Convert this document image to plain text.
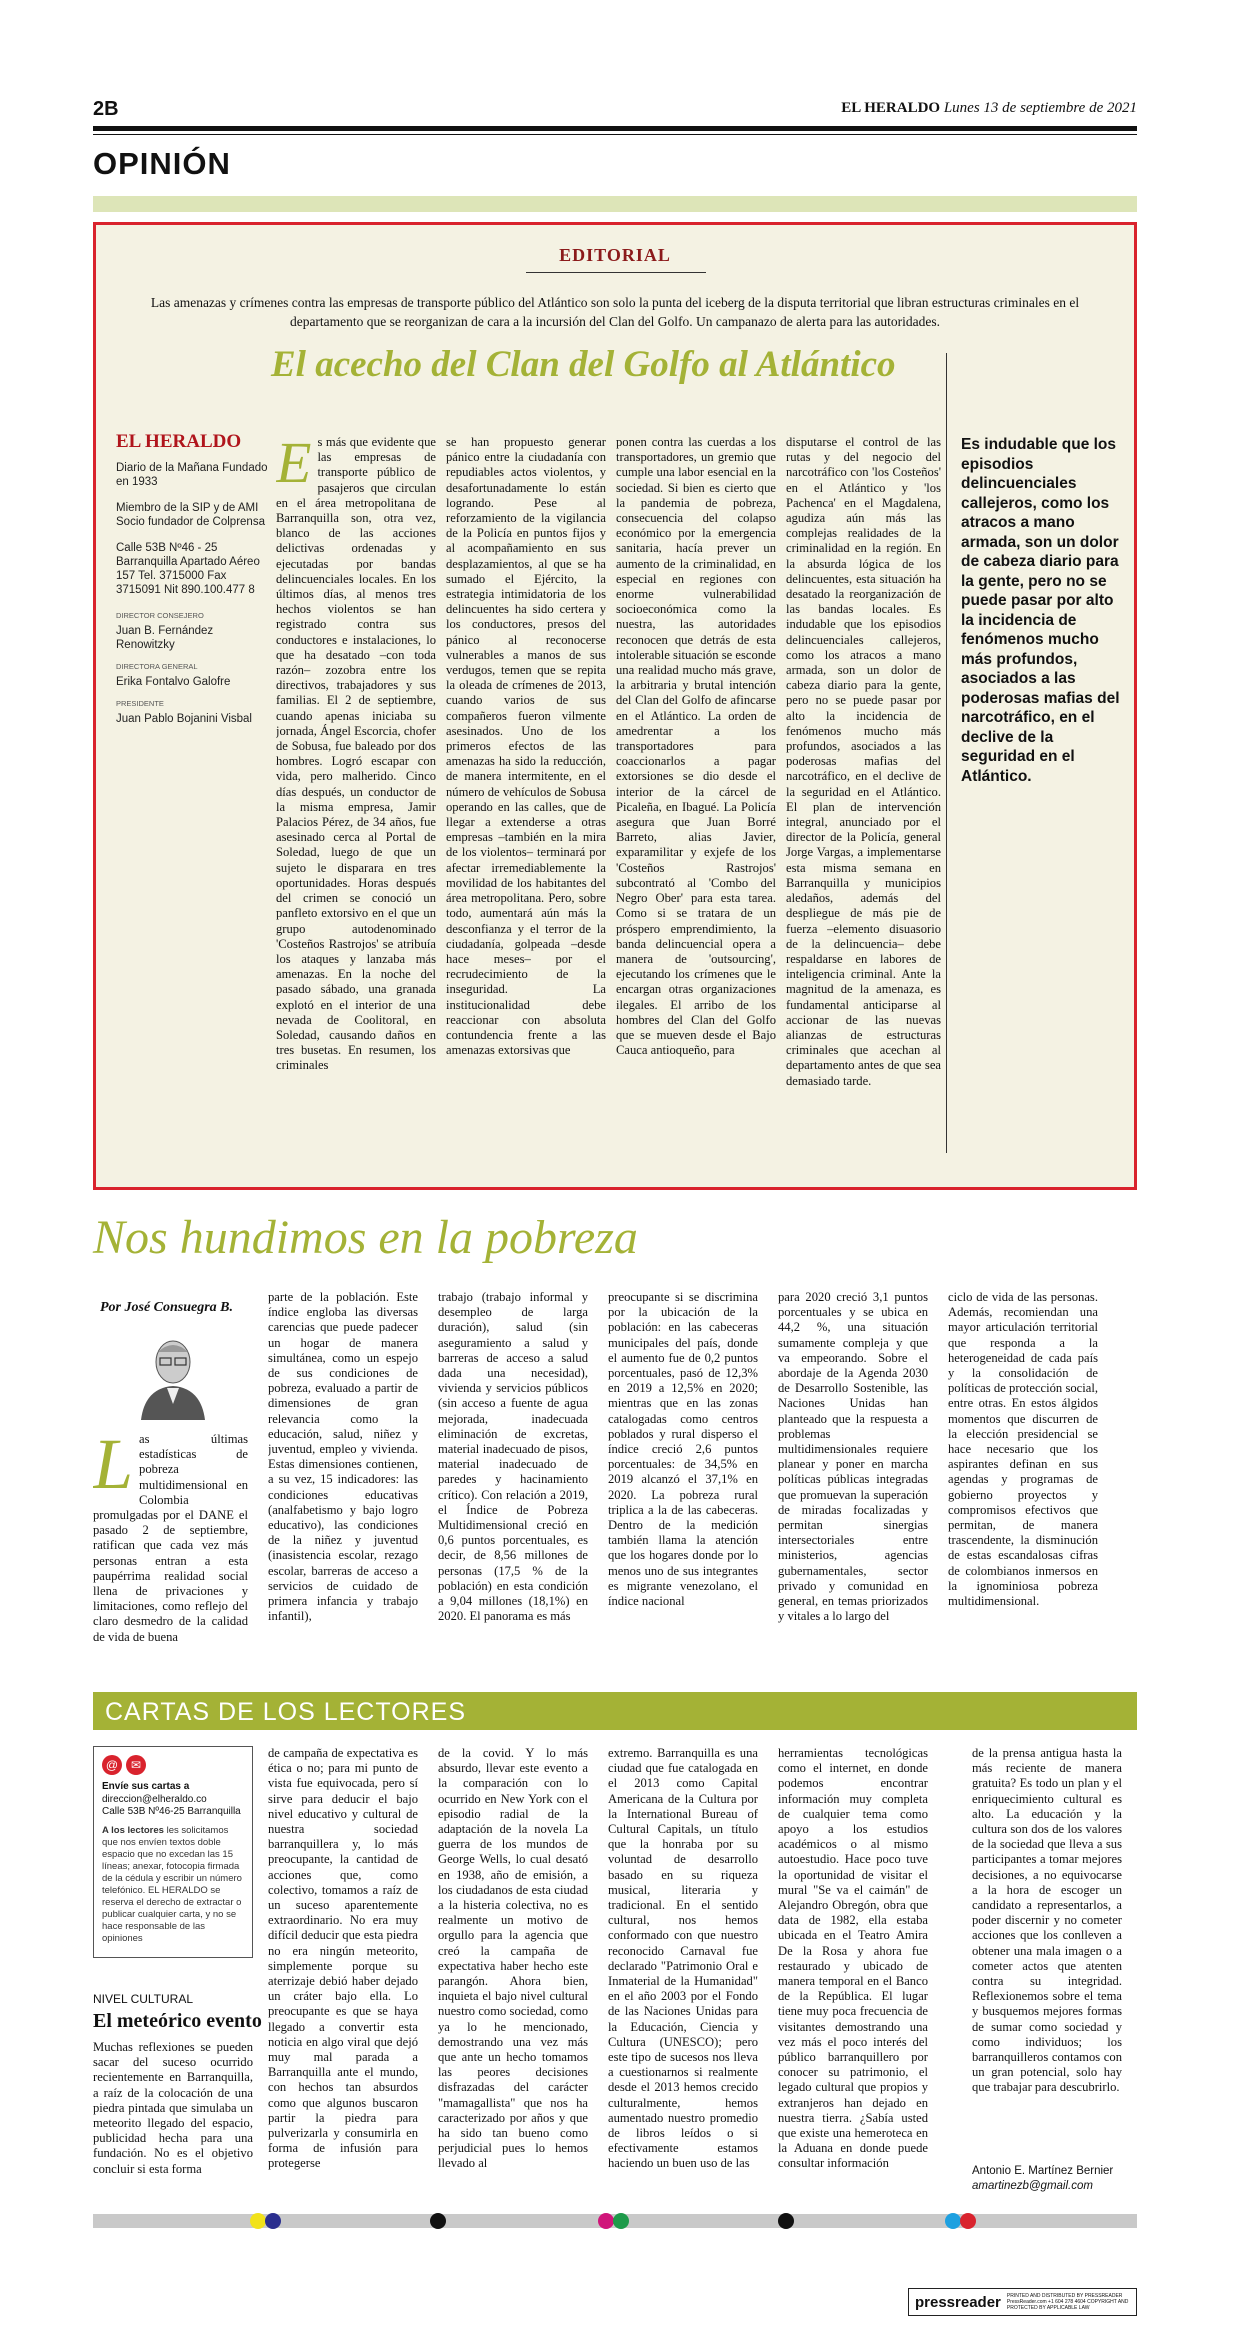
2B	EL HERALDO Lunes 13 de septiembre de 2021
OPINIÓN
EDITORIAL
Las amenazas y crímenes contra las empresas de transporte público del Atlántico son solo la punta del iceberg de la disputa territorial que libran estructuras criminales en el departamento que se reorganizan de cara a la incursión del Clan del Golfo. Un campanazo de alerta para las autoridades.
El acecho del Clan del Golfo al Atlántico
EL HERALDO

Diario de la Mañana Fundado en 1933

Miembro de la SIP y de AMI Socio fundador de Colprensa

Calle 53B Nº46 - 25 Barranquilla Apartado Aéreo 157 Tel. 3715000 Fax 3715091 Nit 890.100.477 8

DIRECTOR CONSEJERO
Juan B. Fernández Renowitzky
DIRECTORA GENERAL
Erika Fontalvo Galofre
PRESIDENTE
Juan Pablo Bojanini Visbal
Es más que evidente que las empresas de transporte público de pasajeros que circulan en el área metropolitana de Barranquilla son, otra vez, blanco de las acciones delictivas ordenadas y ejecutadas por bandas delincuenciales locales. En los últimos días, al menos tres hechos violentos se han registrado contra sus conductores e instalaciones, lo que ha desatado –con toda razón– zozobra entre los directivos, trabajadores y sus familias. El 2 de septiembre, cuando apenas iniciaba su jornada, Ángel Escorcia, chofer de Sobusa, fue baleado por dos hombres. Logró escapar con vida, pero malherido. Cinco días después, un conductor de la misma empresa, Jamir Palacios Pérez, de 34 años, fue asesinado cerca al Portal de Soledad, luego de que un sujeto le disparara en tres oportunidades. Horas después del crimen se conoció un panfleto extorsivo en el que un grupo autodenominado 'Costeños Rastrojos' se atribuía los ataques y lanzaba más amenazas. En la noche del pasado sábado, una granada explotó en el interior de una nevada de Coolitoral, en Soledad, causando daños en tres busetas. En resumen, los criminales
se han propuesto generar pánico entre la ciudadanía con repudiables actos violentos, y desafortunadamente lo están logrando. Pese al reforzamiento de la vigilancia de la Policía en puntos fijos y al acompañamiento en sus desplazamientos, al que se ha sumado el Ejército, la estrategia intimidatoria de los delincuentes ha sido certera y los conductores, presos del pánico al reconocerse vulnerables a manos de sus verdugos, temen que se repita la oleada de crímenes de 2013, cuando varios de sus compañeros fueron vilmente asesinados. Uno de los primeros efectos de las amenazas ha sido la reducción, de manera intermitente, en el número de vehículos de Sobusa operando en las calles, que de llegar a extenderse a otras empresas –también en la mira de los violentos– terminará por afectar irremediablemente la movilidad de los habitantes del área metropolitana. Pero, sobre todo, aumentará aún más la desconfianza y el terror de la ciudadanía, golpeada –desde hace meses– por el recrudecimiento de la inseguridad. La institucionalidad debe reaccionar con absoluta contundencia frente a las amenazas extorsivas que
ponen contra las cuerdas a los transportadores, un gremio que cumple una labor esencial en la sociedad. Si bien es cierto que la pandemia de pobreza, consecuencia del colapso económico por la emergencia sanitaria, hacía prever un aumento de la criminalidad, en especial en regiones con enorme vulnerabilidad socioeconómica como la nuestra, las autoridades reconocen que detrás de esta intolerable situación se esconde una realidad mucho más grave, la arbitraria y brutal intención del Clan del Golfo de afincarse en el Atlántico. La orden de amedrentar a los transportadores para coaccionarlos a pagar extorsiones se dio desde el interior de la cárcel de Picaleña, en Ibagué. La Policía asegura que Juan Borré Barreto, alias Javier, exparamilitar y exjefe de los 'Costeños Rastrojos' subcontrató al 'Combo del Negro Ober' para esta tarea. Como si se tratara de un próspero emprendimiento, la banda delincuencial opera a manera de 'outsourcing', ejecutando los crímenes que le encargan otras organizaciones ilegales. El arribo de los hombres del Clan del Golfo que se mueven desde el Bajo Cauca antioqueño, para
disputarse el control de las rutas y del negocio del narcotráfico con 'los Costeños' en el Atlántico y 'los Pachenca' en el Magdalena, agudiza aún más las complejas realidades de la criminalidad en la región. En la absurda lógica de los delincuentes, esta situación ha desatado la reorganización de las bandas locales. Es indudable que los episodios delincuenciales callejeros, como los atracos a mano armada, son un dolor de cabeza diario para la gente, pero no se puede pasar por alto la incidencia de fenómenos mucho más profundos, asociados a las poderosas mafias del narcotráfico, en el declive de la seguridad en el Atlántico. El plan de intervención integral, anunciado por el director de la Policía, general Jorge Vargas, a implementarse esta misma semana en Barranquilla y municipios aledaños, además del despliegue de más pie de fuerza –elemento disuasorio de la delincuencia– debe respaldarse en labores de inteligencia criminal. Ante la magnitud de la amenaza, es fundamental anticiparse al accionar de las nuevas alianzas de estructuras criminales que acechan al departamento antes de que sea demasiado tarde.
Es indudable que los episodios delincuenciales callejeros, como los atracos a mano armada, son un dolor de cabeza diario para la gente, pero no se puede pasar por alto la incidencia de fenómenos mucho más profundos, asociados a las poderosas mafias del narcotráfico, en el declive de la seguridad en el Atlántico.
Nos hundimos en la pobreza
Por José Consuegra B.
Las últimas estadísticas de pobreza multidimensional en Colombia promulgadas por el DANE el pasado 2 de septiembre, ratifican que cada vez más personas entran a esta paupérrima realidad social llena de privaciones y limitaciones, como reflejo del claro desmedro de la calidad de vida de buena
parte de la población. Este índice engloba las diversas carencias que puede padecer un hogar de manera simultánea, como un espejo de sus condiciones de pobreza, evaluado a partir de dimensiones de gran relevancia como la educación, salud, niñez y juventud, empleo y vivienda. Estas dimensiones contienen, a su vez, 15 indicadores: las condiciones educativas (analfabetismo y bajo logro educativo), las condiciones de la niñez y juventud (inasistencia escolar, rezago escolar, barreras de acceso a servicios de cuidado de primera infancia y trabajo infantil),
trabajo (trabajo informal y desempleo de larga duración), salud (sin aseguramiento a salud y barreras de acceso a salud dada una necesidad), vivienda y servicios públicos (sin acceso a fuente de agua mejorada, inadecuada eliminación de excretas, material inadecuado de pisos, material inadecuado de paredes y hacinamiento crítico). Con relación a 2019, el Índice de Pobreza Multidimensional creció en 0,6 puntos porcentuales, es decir, de 8,56 millones de personas (17,5 % de la población) en esta condición a 9,04 millones (18,1%) en 2020. El panorama es más
preocupante si se discrimina por la ubicación de la población: en las cabeceras municipales del país, donde el aumento fue de 0,2 puntos porcentuales, pasó de 12,3% en 2019 a 12,5% en 2020; mientras que en las zonas catalogadas como centros poblados y rural disperso el índice creció 2,6 puntos porcentuales: de 34,5% en 2019 alcanzó el 37,1% en 2020. La pobreza rural triplica a la de las cabeceras. Dentro de la medición también llama la atención que los hogares donde por lo menos uno de sus integrantes es migrante venezolano, el índice nacional
para 2020 creció 3,1 puntos porcentuales y se ubica en 44,2 %, una situación sumamente compleja y que va empeorando. Sobre el abordaje de la Agenda 2030 de Desarrollo Sostenible, las Naciones Unidas han planteado que la respuesta a problemas multidimensionales requiere planear y poner en marcha políticas públicas integradas que promuevan la superación de miradas focalizadas y permitan sinergias intersectoriales entre ministerios, agencias gubernamentales, sector privado y comunidad en general, en temas priorizados y vitales a lo largo del
ciclo de vida de las personas. Además, recomiendan una mayor articulación territorial que responda a la heterogeneidad de cada país y la consolidación de políticas de protección social, entre otras. En estos álgidos momentos que discurren de la elección presidencial se hace necesario que los aspirantes definan en sus agendas y programas de gobierno proyectos y compromisos efectivos que permitan, de manera trascendente, la disminución de estas escandalosas cifras de colombianos inmersos en la ignominiosa pobreza multidimensional.
CARTAS DE LOS LECTORES
@	✉

Envíe sus cartas a
direccion@elheraldo.co
Calle 53B Nº46-25 Barranquilla

A los lectores les solicitamos que nos envíen textos doble espacio que no excedan las 15 líneas; anexar, fotocopia firmada de la cédula y escribir un número telefónico. EL HERALDO se reserva el derecho de extractar o publicar cualquier carta, y no se hace responsable de las opiniones

NIVEL CULTURAL
El meteórico evento
Muchas reflexiones se pueden sacar del suceso ocurrido recientemente en Barranquilla, a raíz de la colocación de una piedra pintada que simulaba un meteorito llegado del espacio, publicidad hecha para una fundación. No es el objetivo concluir si esta forma
de campaña de expectativa es ética o no; para mi punto de vista fue equivocada, pero sí sirve para deducir el bajo nivel educativo y cultural de nuestra sociedad barranquillera y, lo más preocupante, la cantidad de acciones que, como colectivo, tomamos a raíz de un suceso aparentemente extraordinario. No era muy difícil deducir que esta piedra no era ningún meteorito, simplemente porque su aterrizaje debió haber dejado un cráter bajo ella. Lo preocupante es que se haya llegado a convertir esta noticia en algo viral que dejó muy mal parada a Barranquilla ante el mundo, con hechos tan absurdos como que algunos buscaron partir la piedra para pulverizarla y consumirla en forma de infusión para protegerse
de la covid. Y lo más absurdo, llevar este evento a la comparación con lo ocurrido en New York con el episodio radial de la adaptación de la novela La guerra de los mundos de George Wells, lo cual desató en 1938, año de emisión, a los ciudadanos de esta ciudad a la histeria colectiva, no es realmente un motivo de orgullo para la agencia que creó la campaña de expectativa haber hecho este parangón. Ahora bien, inquieta el bajo nivel cultural nuestro como sociedad, como ya lo he mencionado, demostrando una vez más que ante un hecho tomamos las peores decisiones disfrazadas del carácter "mamagallista" que nos ha caracterizado por años y que ha sido tan bueno como perjudicial pues lo hemos llevado al
extremo. Barranquilla es una ciudad que fue catalogada en el 2013 como Capital Americana de la Cultura por la International Bureau of Cultural Capitals, un título que la honraba por su voluntad de desarrollo basado en su riqueza musical, literaria y tradicional. En el sentido cultural, nos hemos conformado con que nuestro reconocido Carnaval fue declarado "Patrimonio Oral e Inmaterial de la Humanidad" en el año 2003 por el Fondo de las Naciones Unidas para la Educación, Ciencia y Cultura (UNESCO); pero este tipo de sucesos nos lleva a cuestionarnos si realmente desde el 2013 hemos crecido culturalmente, hemos aumentado nuestro promedio de libros leídos o si efectivamente estamos haciendo un buen uso de las
herramientas tecnológicas como el internet, en donde podemos encontrar información muy completa de cualquier tema como apoyo a los estudios académicos o al mismo autoestudio. Hace poco tuve la oportunidad de visitar el mural "Se va el caimán" de Alejandro Obregón, obra que data de 1982, ella estaba ubicada en el Teatro Amira De la Rosa y ahora fue restaurado y ubicado de manera temporal en el Banco de la República. El lugar tiene muy poca frecuencia de visitantes demostrando una vez más el poco interés del público barranquillero por conocer su patrimonio, el legado cultural que propios y extranjeros han dejado en nuestra tierra. ¿Sabía usted que existe una hemeroteca en la Aduana en donde puede consultar información
de la prensa antigua hasta la más reciente de manera gratuita? Es todo un plan y el enriquecimiento cultural es alto. La educación y la cultura son dos de los valores de la sociedad que lleva a sus participantes a tomar mejores decisiones, a no equivocarse a la hora de escoger un candidato a representarlos, a poder discernir y no cometer acciones que los conlleven a obtener una mala imagen o a cometer actos que atenten contra su integridad. Reflexionemos sobre el tema y busquemos mejores formas de sumar como sociedad y como individuos; los barranquilleros contamos con un gran potencial, solo hay que trabajar para descubrirlo.
Antonio E. Martínez Bernier
amartinezb@gmail.com
pressreader PRINTED AND DISTRIBUTED BY PRESSREADER PressReader.com +1 604 278 4604 COPYRIGHT AND PROTECTED BY APPLICABLE LAW
